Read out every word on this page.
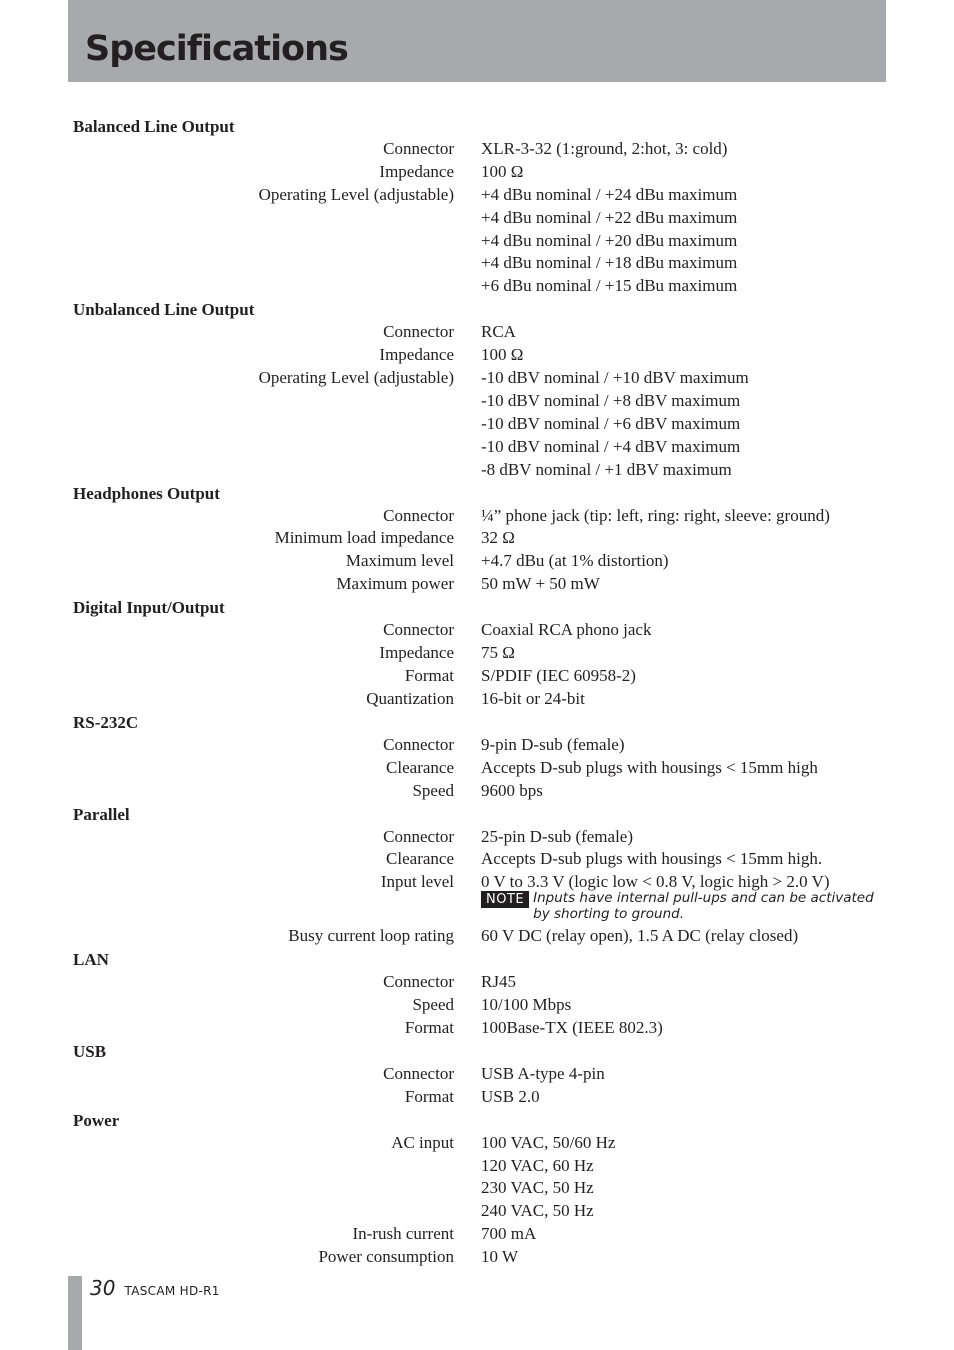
Specifications
Balanced Line Output
Connector XLR-3-32 (1:ground, 2:hot, 3: cold)
Impedance 100 Ω
Operating Level (adjustable) +4 dBu nominal / +24 dBu maximum
+4 dBu nominal / +22 dBu maximum
+4 dBu nominal / +20 dBu maximum
+4 dBu nominal / +18 dBu maximum
+6 dBu nominal / +15 dBu maximum
Unbalanced Line Output
Connector RCA
Impedance 100 Ω
Operating Level (adjustable) -10 dBV nominal / +10 dBV maximum
-10 dBV nominal / +8 dBV maximum
-10 dBV nominal / +6 dBV maximum
-10 dBV nominal / +4 dBV maximum
-8 dBV nominal / +1 dBV maximum
Headphones Output
Connector ¼” phone jack (tip: left, ring: right, sleeve: ground)
Minimum load impedance 32 Ω
Maximum level +4.7 dBu (at 1% distortion)
Maximum power 50 mW + 50 mW
Digital Input/Output
Connector Coaxial RCA phono jack
Impedance 75 Ω
Format S/PDIF (IEC 60958-2)
Quantization 16-bit or 24-bit
RS-232C
Connector 9-pin D-sub (female)
Clearance Accepts D-sub plugs with housings < 15mm high
Speed 9600 bps
Parallel
Connector 25-pin D-sub (female)
Clearance Accepts D-sub plugs with housings < 15mm high.
Input level 0 V to 3.3 V (logic low < 0.8 V, logic high > 2.0 V)
NOTE Inputs have internal pull-ups and can be activated by shorting to ground.
Busy current loop rating 60 V DC (relay open), 1.5 A DC (relay closed)
LAN
Connector RJ45
Speed 10/100 Mbps
Format 100Base-TX (IEEE 802.3)
USB
Connector USB A-type 4-pin
Format USB 2.0
Power
AC input 100 VAC, 50/60 Hz
120 VAC, 60 Hz
230 VAC, 50 Hz
240 VAC, 50 Hz
In-rush current 700 mA
Power consumption 10 W
30 TASCAM HD-R1
